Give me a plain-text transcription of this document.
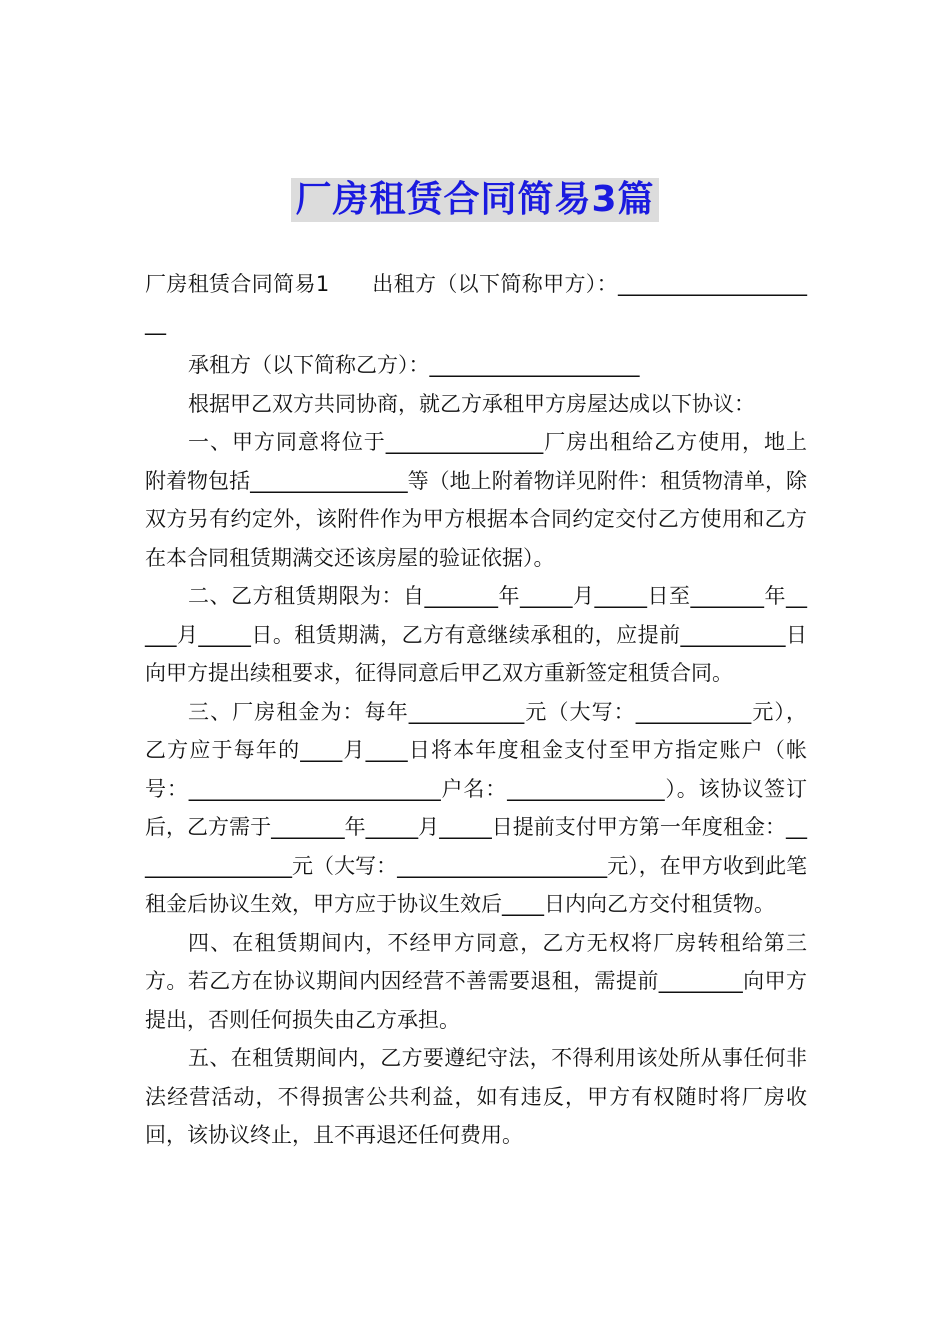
厂房租赁合同简易3篇

厂房租赁合同简易1　　出租方（以下简称甲方）：____________________

承租方（以下简称乙方）：____________________

根据甲乙双方共同协商，就乙方承租甲方房屋达成以下协议：

一、甲方同意将位于_______________厂房出租给乙方使用，地上附着物包括_______________等（地上附着物详见附件：租赁物清单，除双方另有约定外，该附件作为甲方根据本合同约定交付乙方使用和乙方在本合同租赁期满交还该房屋的验证依据）。

二、乙方租赁期限为：自_______年_____月_____日至_______年_____月_____日。租赁期满，乙方有意继续承租的，应提前__________日向甲方提出续租要求，征得同意后甲乙双方重新签定租赁合同。

三、厂房租金为：每年___________元（大写：___________元），乙方应于每年的____月____日将本年度租金支付至甲方指定账户（帐号：________________________户名：_______________）。该协议签订后，乙方需于_______年_____月_____日提前支付甲方第一年度租金：________________元（大写：____________________元），在甲方收到此笔租金后协议生效，甲方应于协议生效后____日内向乙方交付租赁物。

四、在租赁期间内，不经甲方同意，乙方无权将厂房转租给第三方。若乙方在协议期间内因经营不善需要退租，需提前________向甲方提出，否则任何损失由乙方承担。

五、在租赁期间内，乙方要遵纪守法，不得利用该处所从事任何非法经营活动，不得损害公共利益，如有违反，甲方有权随时将厂房收回，该协议终止，且不再退还任何费用。
